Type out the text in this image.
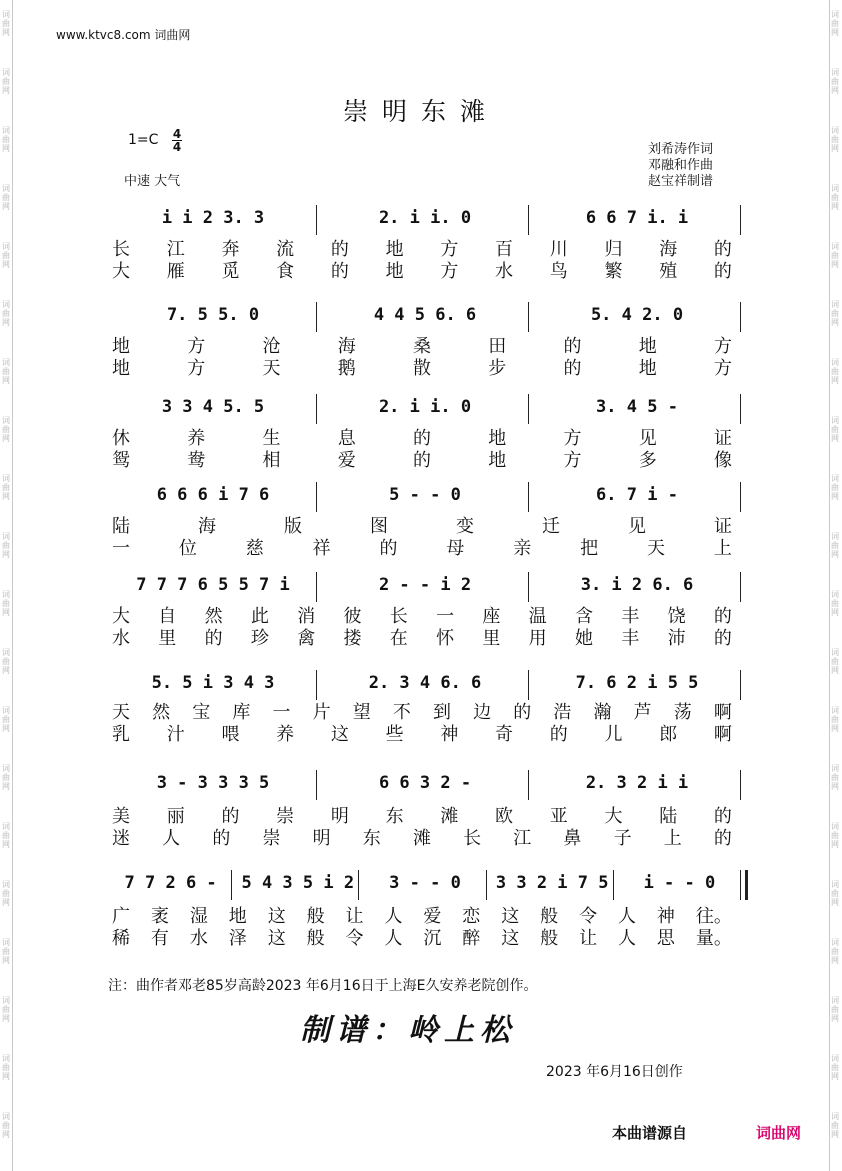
词
曲
网
词
曲
网
词
曲
网
词
曲
网
词
曲
网
词
曲
网
词
曲
网
词
曲
网
词
曲
网
词
曲
网
词
曲
网
词
曲
网
词
曲
网
词
曲
网
词
曲
网
词
曲
网
词
曲
网
词
曲
网
词
曲
网
词
曲
网
词
曲
网
词
曲
网
词
曲
网
词
曲
网
词
曲
网
词
曲
网
词
曲
网
词
曲
网
词
曲
网
词
曲
网
词
曲
网
词
曲
网
词
曲
网
词
曲
网
词
曲
网
词
曲
网
词
曲
网
词
曲
网
词
曲
网
词
曲
网
www.ktvc8.com 词曲网
崇明东滩
1=C 4
4
中速 大气
刘希涛作词
邓融和作曲
赵宝祥制谱
i i 2 3. 3	2. i i. 0	6 6 7 i. i
长 江 奔 流 的 地 方 百 川 归 海 的
大 雁 觅 食 的 地 方 水 鸟 繁 殖 的
7. 5 5. 0	4 4 5 6. 6	5. 4 2. 0
地	方	沧	海	桑	田	的	地	方
地	方	天	鹅	散	步	的	地	方
3 3 4 5. 5	2. i i. 0	3. 4 5 -
休	养	生	息	的	地	方	见	证
鸳	鸯	相	爱	的	地	方	多	像
6 6 6 i 7 6	5 - - 0	6. 7 i -
陆	海	版	图	变	迁	见	证
一	位	慈	祥	的	母	亲	把	天	上
7 7 7 6 5 5 7 i	2 - - i 2	3. i 2 6. 6
大 自 然 此 消 彼 长 一 座 温 含 丰 饶 的
水 里 的 珍 禽 搂 在 怀 里 用 她 丰 沛 的
5. 5 i 3 4 3	2. 3 4 6. 6	7. 6 2 i 5 5
天 然 宝 库 一 片 望 不 到 边 的 浩 瀚 芦 荡 啊
乳 汁 喂 养 这 些 神 奇 的 儿 郎 啊
3 - 3 3 3 5	6 6 3 2 -	2. 3 2 i i
美 丽 的 崇 明 东 滩 欧 亚 大 陆 的
迷 人 的 崇 明 东 滩 长 江 鼻 子 上 的
7 7 2 6 -	5 4 3 5 i 2	3 - - 0	3 3 2 i 7 5	i - - 0
广 袤 湿 地 这 般 让 人 爱 恋 这 般 令 人 神 往。
稀 有 水 泽 这 般 令 人 沉 醉 这 般 让 人 思 量。
注：曲作者邓老85岁高龄2023 年6月16日于上海E久安养老院创作。
制谱：岭上松
2023 年6月16日创作
本曲谱源自	词曲网
